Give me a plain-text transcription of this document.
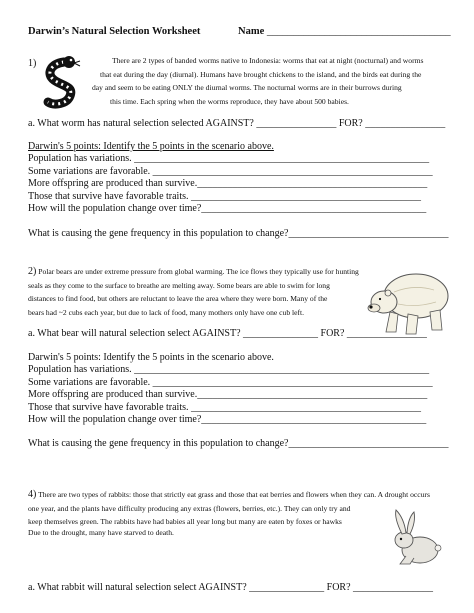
Darwin’s Natural Selection Worksheet	Name ___________________________________
1)	There are 2 types of banded worms native to Indonesia: worms that eat at night (nocturnal) and worms
that eat during the day (diurnal). Humans have brought chickens to the island, and the birds eat during the
day and seem to be eating ONLY the diurnal worms. The nocturnal worms are in their burrows during
this time. Each spring when the worms reproduce, they have about 500 babies.
a. What worm has natural selection selected AGAINST? ________________ FOR? ________________
Darwin's 5 points: Identify the 5 points in the scenario above.
Population has variations. ___________________________________________________________
Some variations are favorable. ________________________________________________________
More offspring are produced than survive.______________________________________________
Those that survive have favorable traits. ______________________________________________
How will the population change over time?_____________________________________________
What is causing the gene frequency in this population to change?________________________________
2) Polar bears are under extreme pressure from global warming. The ice flows they typically use for hunting
seals as they come to the surface to breathe are melting away. Some bears are able to swim for long
distances to find food, but others are reluctant to leave the area where they were born. Many of the
bears had ~2 cubs each year, but due to lack of food, many mothers only have one cub left.
a. What bear will natural selection select AGAINST? _______________ FOR? ________________
Darwin's 5 points: Identify the 5 points in the scenario above.
Population has variations. ___________________________________________________________
Some variations are favorable. ________________________________________________________
More offspring are produced than survive.______________________________________________
Those that survive have favorable traits. ______________________________________________
How will the population change over time?_____________________________________________
What is causing the gene frequency in this population to change?________________________________
4) There are two types of rabbits: those that strictly eat grass and those that eat berries and flowers when they can. A drought occurs
one year, and the plants have difficulty producing any extras (flowers, berries, etc.). They can only try and
keep themselves green. The rabbits have had babies all year long but many are eaten by foxes or hawks
Due to the drought, many have starved to death.
a. What rabbit will natural selection select AGAINST? _______________ FOR? ________________
